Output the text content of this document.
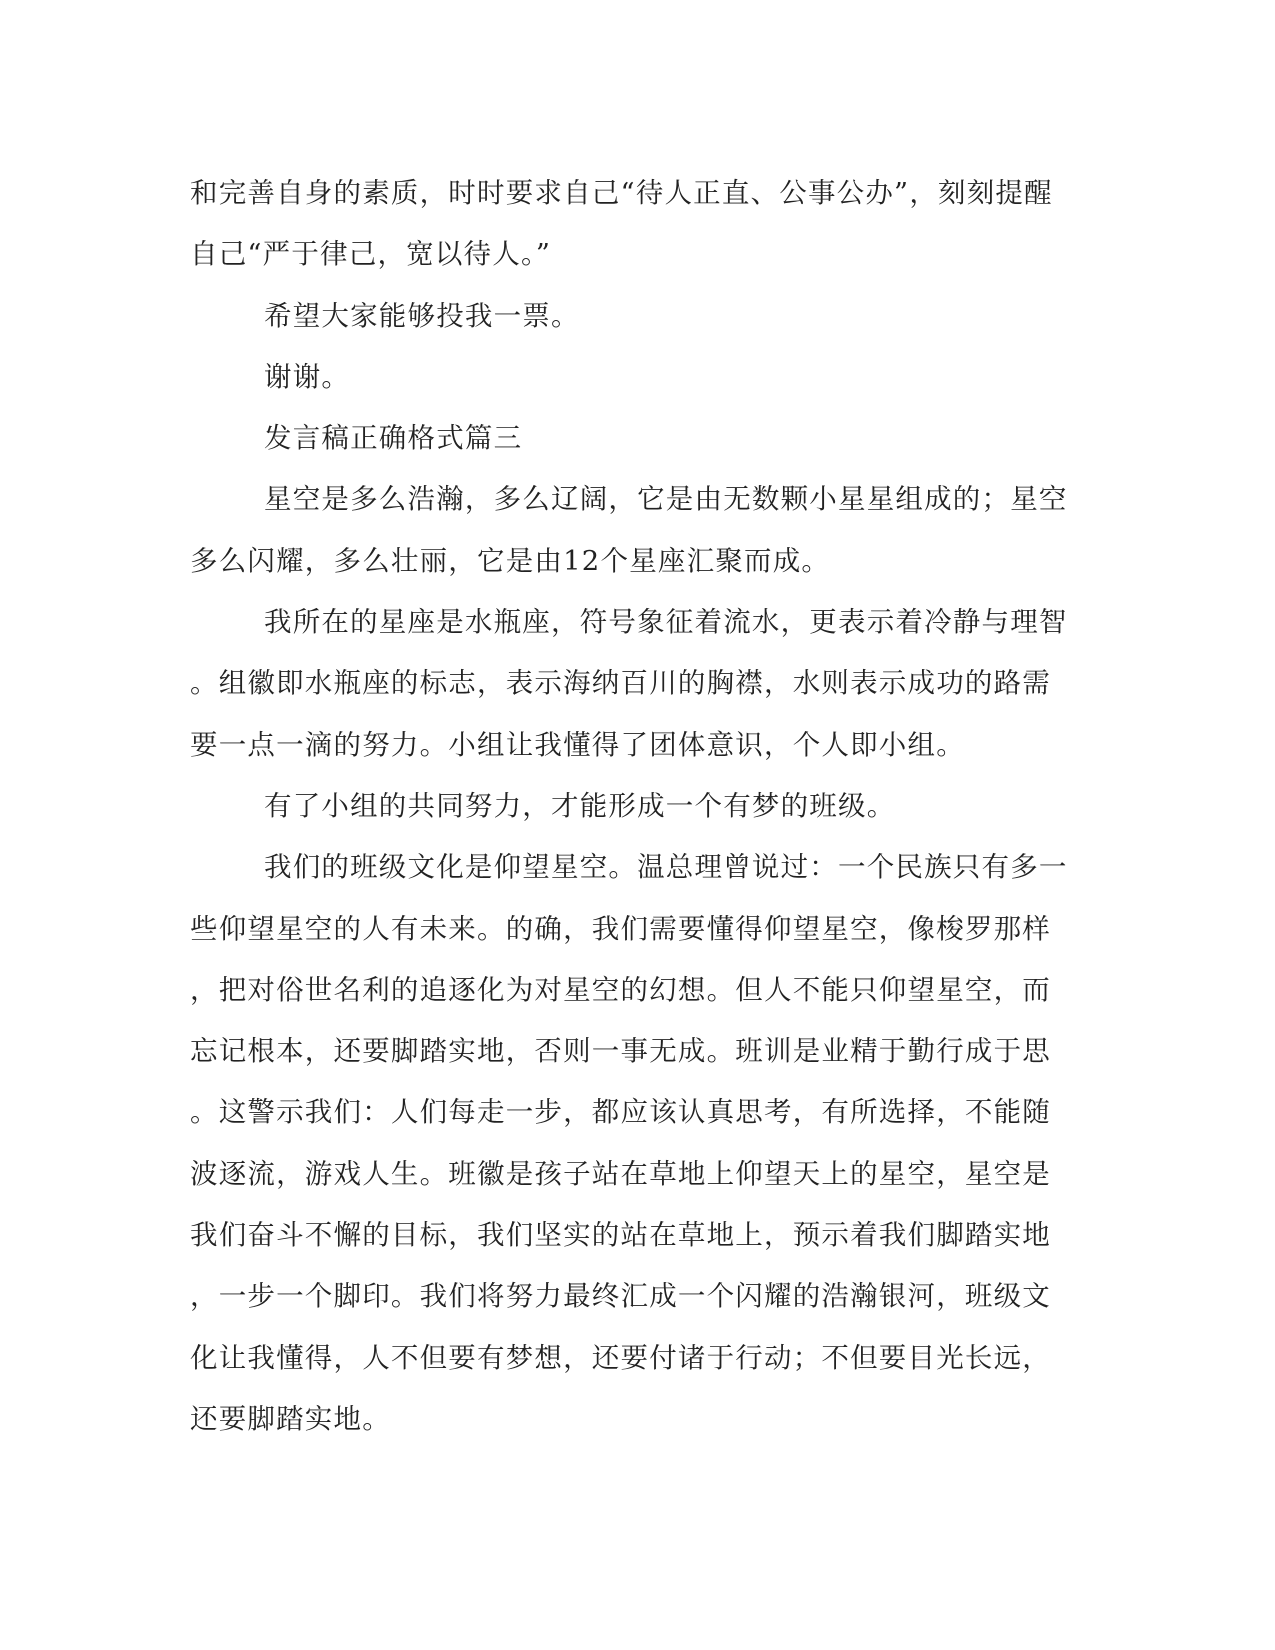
和完善自身的素质，时时要求自己“待人正直、公事公办”，刻刻提醒
自己“严于律己，宽以待人。”
希望大家能够投我一票。
谢谢。
发言稿正确格式篇三
星空是多么浩瀚，多么辽阔，它是由无数颗小星星组成的；星空
多么闪耀，多么壮丽，它是由12个星座汇聚而成。
我所在的星座是水瓶座，符号象征着流水，更表示着冷静与理智
。组徽即水瓶座的标志，表示海纳百川的胸襟，水则表示成功的路需
要一点一滴的努力。小组让我懂得了团体意识，个人即小组。
有了小组的共同努力，才能形成一个有梦的班级。
我们的班级文化是仰望星空。温总理曾说过：一个民族只有多一
些仰望星空的人有未来。的确，我们需要懂得仰望星空，像梭罗那样
，把对俗世名利的追逐化为对星空的幻想。但人不能只仰望星空，而
忘记根本，还要脚踏实地，否则一事无成。班训是业精于勤行成于思
。这警示我们：人们每走一步，都应该认真思考，有所选择，不能随
波逐流，游戏人生。班徽是孩子站在草地上仰望天上的星空，星空是
我们奋斗不懈的目标，我们坚实的站在草地上，预示着我们脚踏实地
，一步一个脚印。我们将努力最终汇成一个闪耀的浩瀚银河，班级文
化让我懂得，人不但要有梦想，还要付诸于行动；不但要目光长远，
还要脚踏实地。
